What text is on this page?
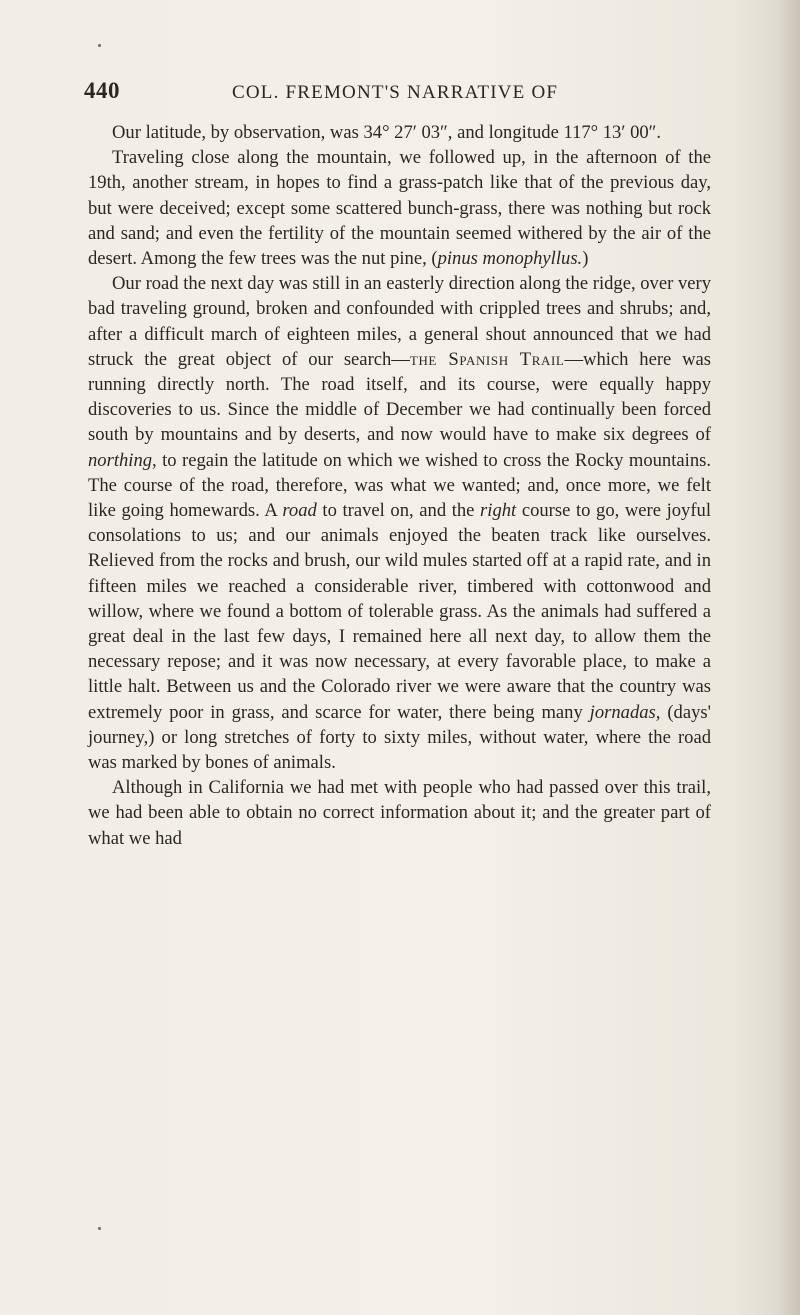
440	COL. FREMONT'S NARRATIVE OF

Our latitude, by observation, was 34° 27′ 03″, and longitude 117° 13′ 00″.

Traveling close along the mountain, we followed up, in the afternoon of the 19th, another stream, in hopes to find a grass-patch like that of the previous day, but were deceived; except some scattered bunch-grass, there was nothing but rock and sand; and even the fertility of the mountain seemed withered by the air of the desert. Among the few trees was the nut pine, (pinus monophyllus.)

Our road the next day was still in an easterly direction along the ridge, over very bad traveling ground, broken and confounded with crippled trees and shrubs; and, after a difficult march of eighteen miles, a general shout announced that we had struck the great object of our search—the Spanish Trail—which here was running directly north. The road itself, and its course, were equally happy discoveries to us. Since the middle of December we had continually been forced south by mountains and by deserts, and now would have to make six degrees of northing, to regain the latitude on which we wished to cross the Rocky mountains. The course of the road, therefore, was what we wanted; and, once more, we felt like going homewards. A road to travel on, and the right course to go, were joyful consolations to us; and our animals enjoyed the beaten track like ourselves. Relieved from the rocks and brush, our wild mules started off at a rapid rate, and in fifteen miles we reached a considerable river, timbered with cottonwood and willow, where we found a bottom of tolerable grass. As the animals had suffered a great deal in the last few days, I remained here all next day, to allow them the necessary repose; and it was now necessary, at every favorable place, to make a little halt. Between us and the Colorado river we were aware that the country was extremely poor in grass, and scarce for water, there being many jornadas, (days' journey,) or long stretches of forty to sixty miles, without water, where the road was marked by bones of animals.

Although in California we had met with people who had passed over this trail, we had been able to obtain no correct information about it; and the greater part of what we had
